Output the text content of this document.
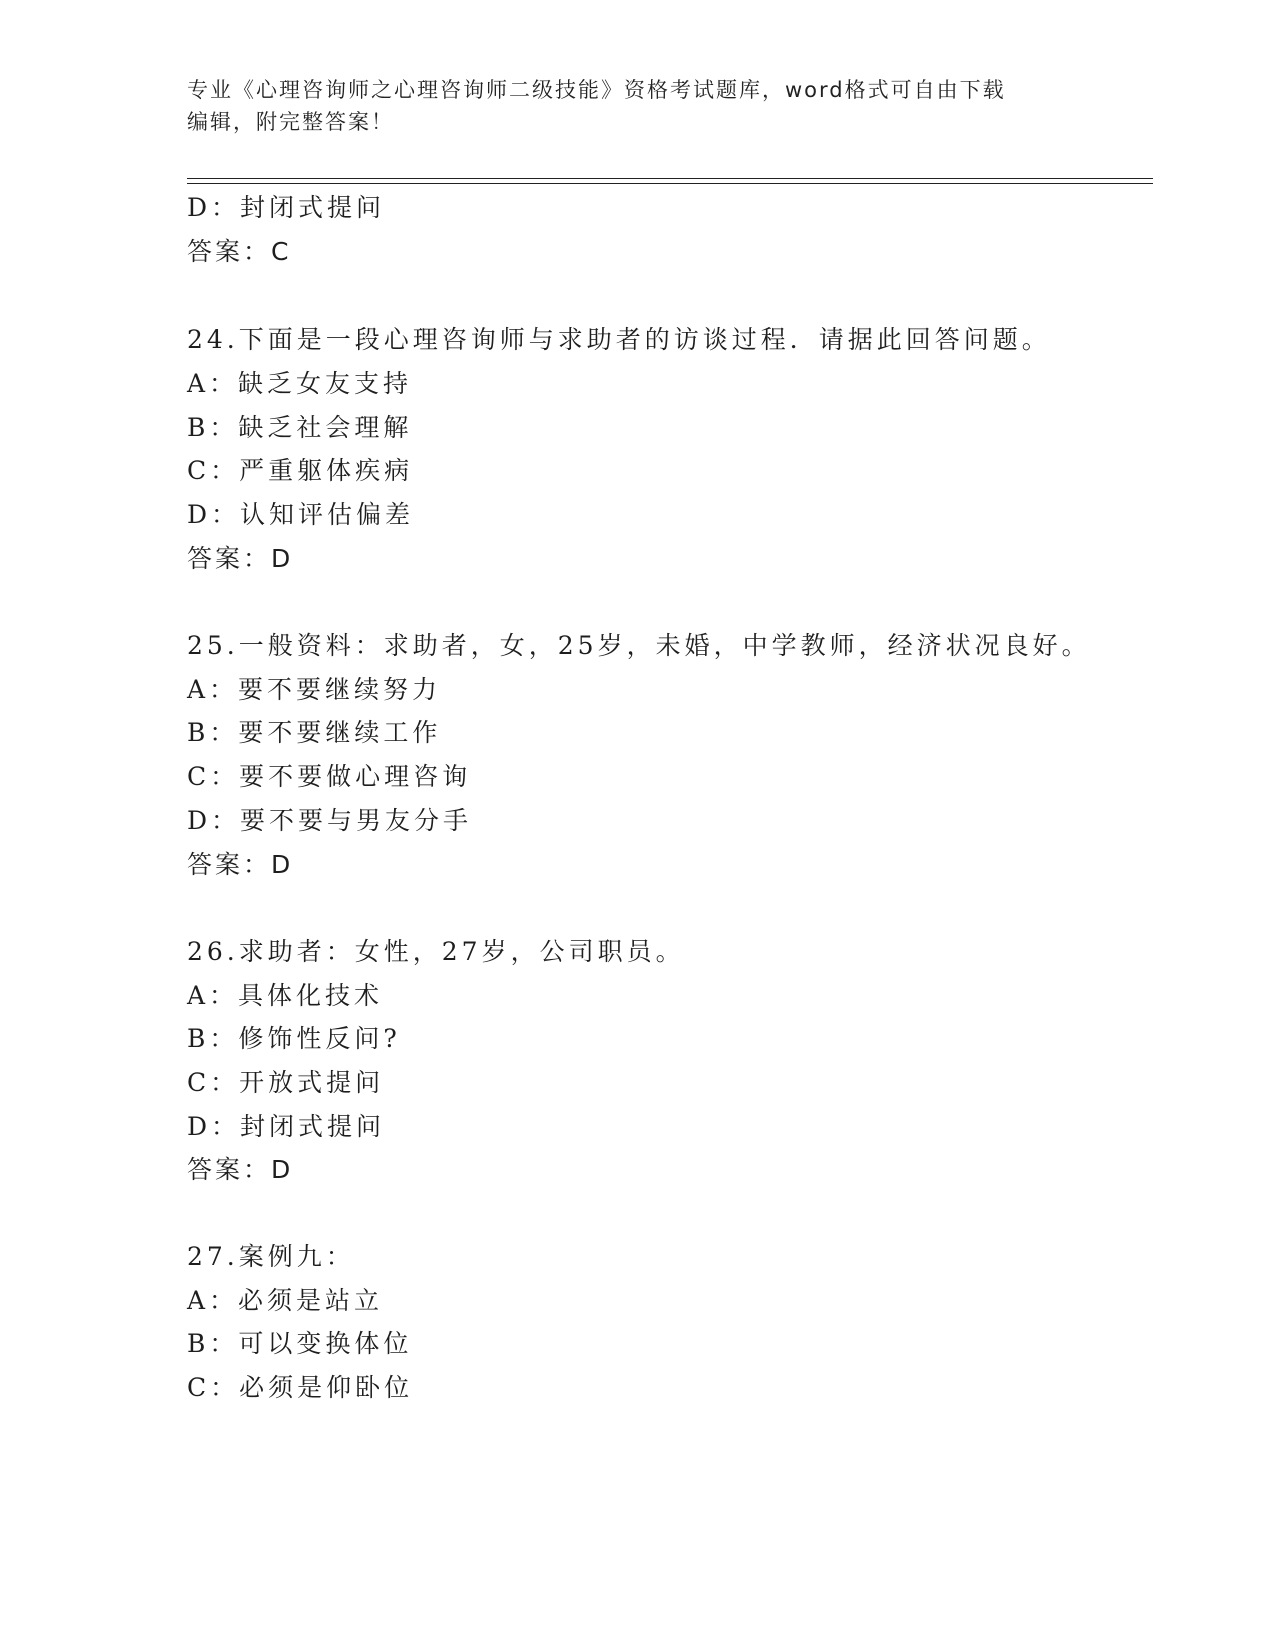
专业《心理咨询师之心理咨询师二级技能》资格考试题库，word格式可自由下载
编辑，附完整答案！
D：封闭式提问
答案：C
24.下面是一段心理咨询师与求助者的访谈过程．请据此回答问题。
A：缺乏女友支持
B：缺乏社会理解
C：严重躯体疾病
D：认知评估偏差
答案：D
25.一般资料：求助者，女，25岁，未婚，中学教师，经济状况良好。
A：要不要继续努力
B：要不要继续工作
C：要不要做心理咨询
D：要不要与男友分手
答案：D
26.求助者：女性，27岁，公司职员。
A：具体化技术
B：修饰性反问?
C：开放式提问
D：封闭式提问
答案：D
27.案例九：
A：必须是站立
B：可以变换体位
C：必须是仰卧位
